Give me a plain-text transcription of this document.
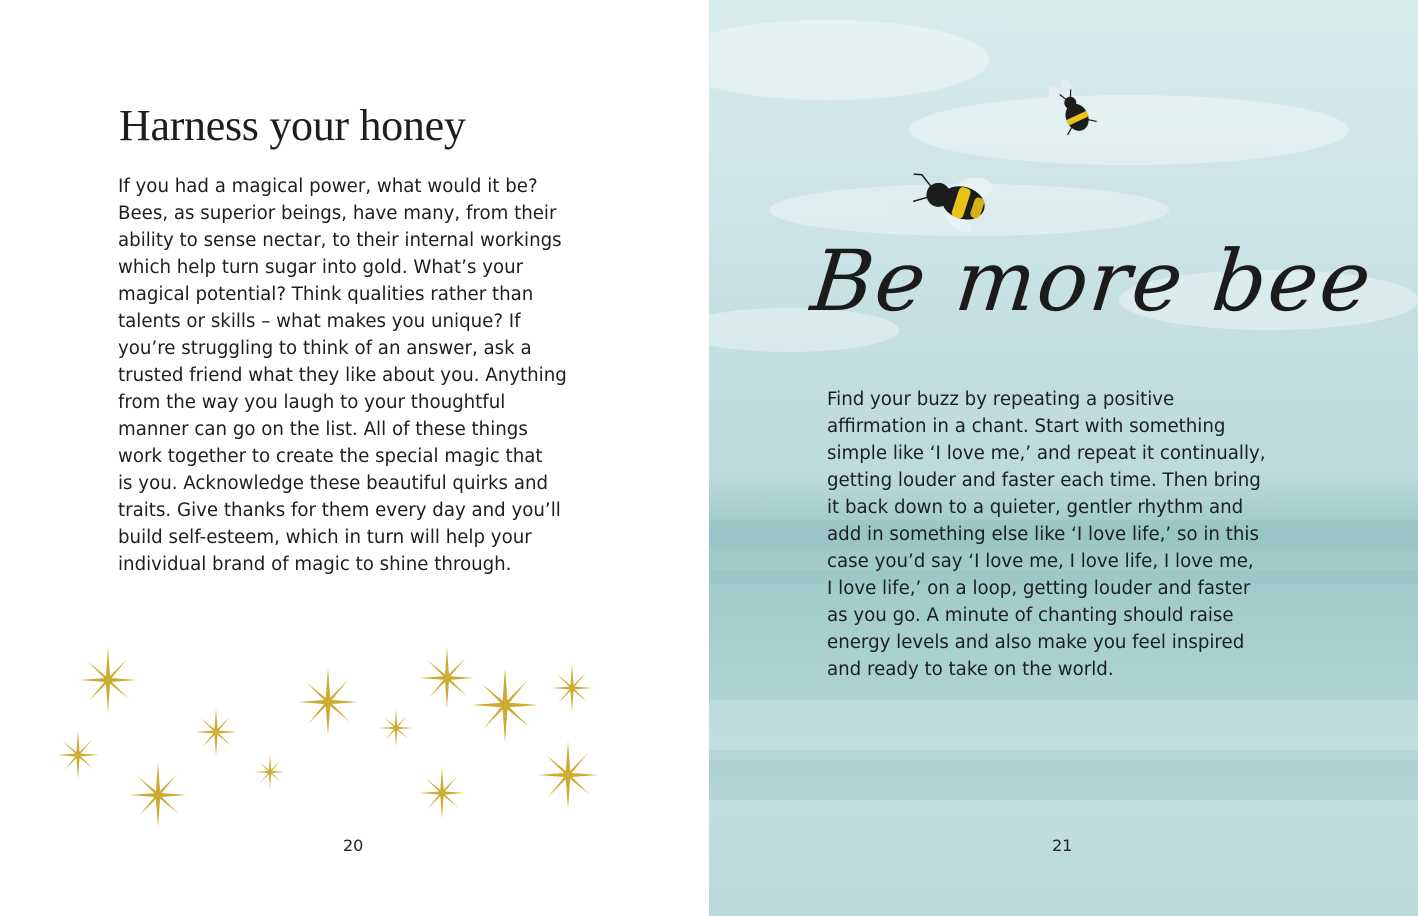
Harness your honey

If you had a magical power, what would it be?
Bees, as superior beings, have many, from their
ability to sense nectar, to their internal workings
which help turn sugar into gold. What’s your
magical potential? Think qualities rather than
talents or skills – what makes you unique? If
you’re struggling to think of an answer, ask a
trusted friend what they like about you. Anything
from the way you laugh to your thoughtful
manner can go on the list. All of these things
work together to create the special magic that
is you. Acknowledge these beautiful quirks and
traits. Give thanks for them every day and you’ll
build self-esteem, which in turn will help your
individual brand of magic to shine through.

20
Be more bee

Find your buzz by repeating a positive
affirmation in a chant. Start with something
simple like ‘I love me,’ and repeat it continually,
getting louder and faster each time. Then bring
it back down to a quieter, gentler rhythm and
add in something else like ‘I love life,’ so in this
case you’d say ‘I love me, I love life, I love me,
I love life,’ on a loop, getting louder and faster
as you go. A minute of chanting should raise
energy levels and also make you feel inspired
and ready to take on the world.

21
